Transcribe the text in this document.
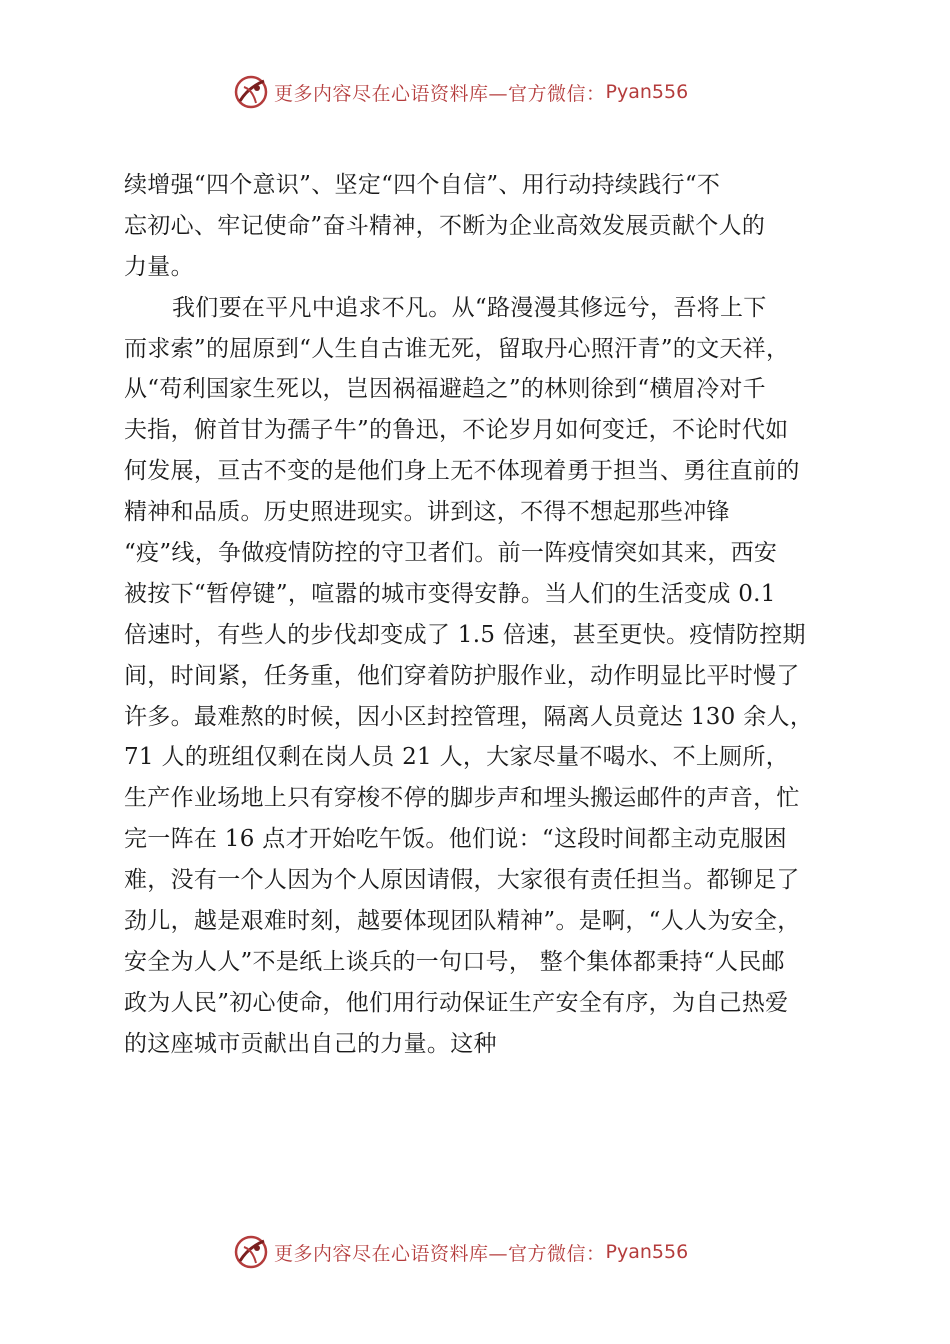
更多内容尽在心语资料库—官方微信： Pyan556
续增强“四个意识”、坚定“四个自信”、用行动持续践行“不
忘初心、牢记使命”奋斗精神，不断为企业高效发展贡献个人的
力量。
我们要在平凡中追求不凡。从“路漫漫其修远兮，吾将上下
而求索”的屈原到“人生自古谁无死，留取丹心照汗青”的文天祥，
从“苟利国家生死以，岂因祸福避趋之”的林则徐到“横眉冷对千
夫指，俯首甘为孺子牛”的鲁迅，不论岁月如何变迁，不论时代如
何发展，亘古不变的是他们身上无不体现着勇于担当、勇往直前的
精神和品质。历史照进现实。讲到这，不得不想起那些冲锋
“疫”线，争做疫情防控的守卫者们。前一阵疫情突如其来，西安
被按下“暂停键”，喧嚣的城市变得安静。当人们的生活变成 0.1
倍速时，有些人的步伐却变成了 1.5 倍速，甚至更快。疫情防控期
间，时间紧，任务重，他们穿着防护服作业，动作明显比平时慢了
许多。最难熬的时候，因小区封控管理，隔离人员竟达 130 余人，
71 人的班组仅剩在岗人员 21 人，大家尽量不喝水、不上厕所，
生产作业场地上只有穿梭不停的脚步声和埋头搬运邮件的声音，忙
完一阵在 16 点才开始吃午饭。他们说：“这段时间都主动克服困
难，没有一个人因为个人原因请假，大家很有责任担当。都铆足了
劲儿，越是艰难时刻，越要体现团队精神”。是啊，“人人为安全，
安全为人人”不是纸上谈兵的一句口号， 整个集体都秉持“人民邮
政为人民”初心使命，他们用行动保证生产安全有序，为自己热爱
的这座城市贡献出自己的力量。这种
更多内容尽在心语资料库—官方微信： Pyan556
